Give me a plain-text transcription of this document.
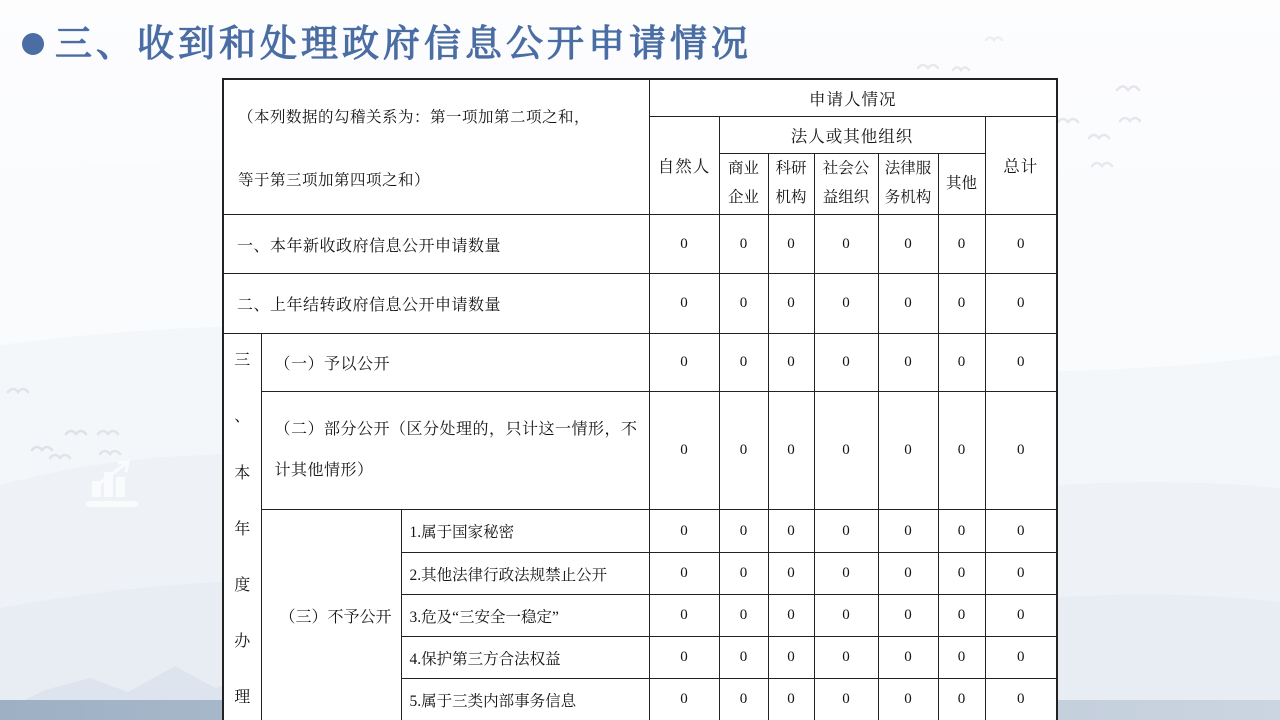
三、收到和处理政府信息公开申请情况
（本列数据的勾稽关系为：第一项加第二项之和，
等于第三项加第四项之和）			申请人情况						
			自然人	法人或其他组织					总计
				商业企业	科研机构	社会公益组织	法律服务机构	其他	
一、本年新收政府信息公开申请数量			0	0	0	0	0	0	0
二、上年结转政府信息公开申请数量			0	0	0	0	0	0	0

三
、
本
年
度
办
理
	（一）予以公开	0	0	0	0	0	0	0
	（二）部分公开（区分处理的，只计这一情形，不计其他情形）		0	0	0	0	0	0	0
	（三）不予公开	1.属于国家秘密	0	0	0	0	0	0	0
		2.其他法律行政法规禁止公开	0	0	0	0	0	0	0
		3.危及“三安全一稳定”	0	0	0	0	0	0	0
		4.保护第三方合法权益	0	0	0	0	0	0	0
		5.属于三类内部事务信息	0	0	0	0	0	0	0
